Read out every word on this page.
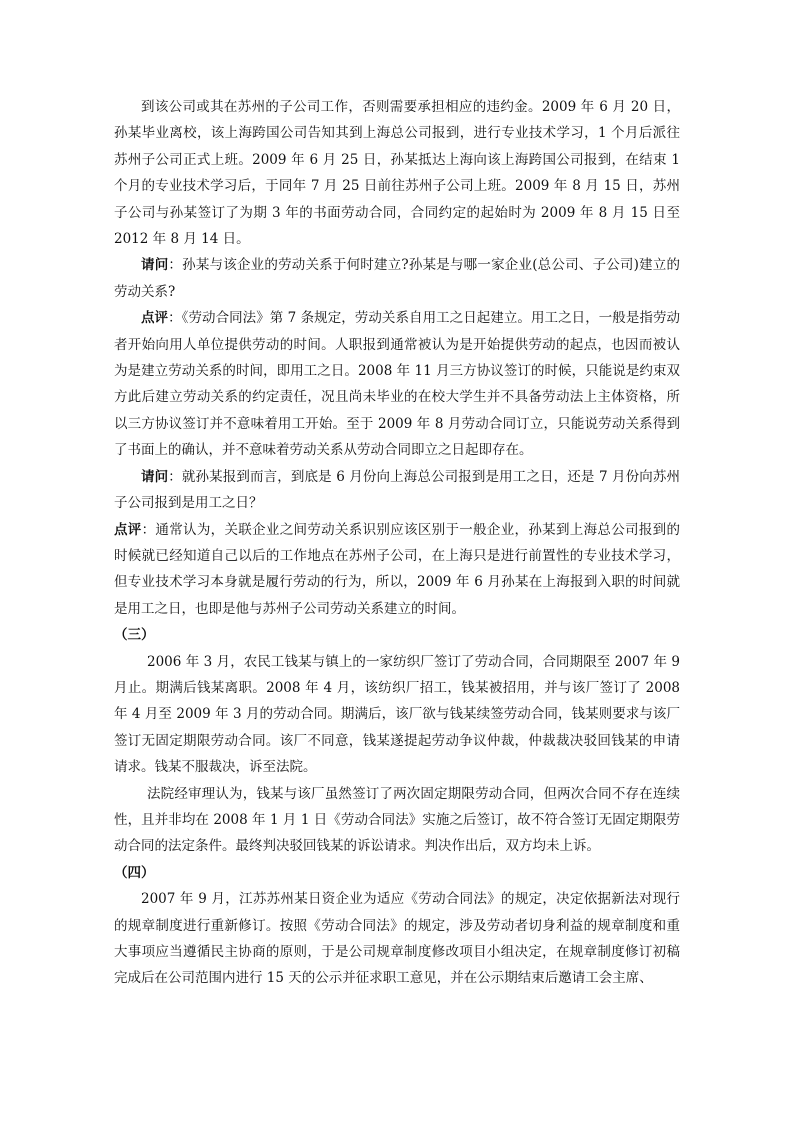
到该公司或其在苏州的子公司工作，否则需要承担相应的违约金。2009 年 6 月 20 日，孙某毕业离校，该上海跨国公司告知其到上海总公司报到，进行专业技术学习，1 个月后派往苏州子公司正式上班。2009 年 6 月 25 日，孙某抵达上海向该上海跨国公司报到，在结束 1 个月的专业技术学习后，于同年 7 月 25 日前往苏州子公司上班。2009 年 8 月 15 日，苏州子公司与孙某签订了为期 3 年的书面劳动合同，合同约定的起始时为 2009 年 8 月 15 日至 2012 年 8 月 14 日。

请问：孙某与该企业的劳动关系于何时建立?孙某是与哪一家企业(总公司、子公司)建立的劳动关系?

点评：《劳动合同法》第 7 条规定，劳动关系自用工之日起建立。用工之日，一般是指劳动者开始向用人单位提供劳动的时间。人职报到通常被认为是开始提供劳动的起点，也因而被认为是建立劳动关系的时间，即用工之日。2008 年 11 月三方协议签订的时候，只能说是约束双方此后建立劳动关系的约定责任，况且尚未毕业的在校大学生并不具备劳动法上主体资格，所以三方协议签订并不意味着用工开始。至于 2009 年 8 月劳动合同订立，只能说劳动关系得到了书面上的确认，并不意味着劳动关系从劳动合同即立之日起即存在。

请问：就孙某报到而言，到底是 6 月份向上海总公司报到是用工之日，还是 7 月份向苏州子公司报到是用工之日？

点评：通常认为，关联企业之间劳动关系识别应该区别于一般企业，孙某到上海总公司报到的时候就已经知道自己以后的工作地点在苏州子公司，在上海只是进行前置性的专业技术学习，但专业技术学习本身就是履行劳动的行为，所以，2009 年 6 月孙某在上海报到入职的时间就是用工之日，也即是他与苏州子公司劳动关系建立的时间。

（三）

2006 年 3 月，农民工钱某与镇上的一家纺织厂签订了劳动合同，合同期限至 2007 年 9 月止。期满后钱某离职。2008 年 4 月，该纺织厂招工，钱某被招用，并与该厂签订了 2008 年 4 月至 2009 年 3 月的劳动合同。期满后，该厂欲与钱某续签劳动合同，钱某则要求与该厂签订无固定期限劳动合同。该厂不同意，钱某遂提起劳动争议仲裁，仲裁裁决驳回钱某的申请请求。钱某不服裁决，诉至法院。

法院经审理认为，钱某与该厂虽然签订了两次固定期限劳动合同，但两次合同不存在连续性，且并非均在 2008 年 1 月 1 日《劳动合同法》实施之后签订，故不符合签订无固定期限劳动合同的法定条件。最终判决驳回钱某的诉讼请求。判决作出后，双方均未上诉。

（四）

2007 年 9 月，江苏苏州某日资企业为适应《劳动合同法》的规定，决定依据新法对现行的规章制度进行重新修订。按照《劳动合同法》的规定，涉及劳动者切身利益的规章制度和重大事项应当遵循民主协商的原则，于是公司规章制度修改项目小组决定，在规章制度修订初稿完成后在公司范围内进行 15 天的公示并征求职工意见，并在公示期结束后邀请工会主席、
